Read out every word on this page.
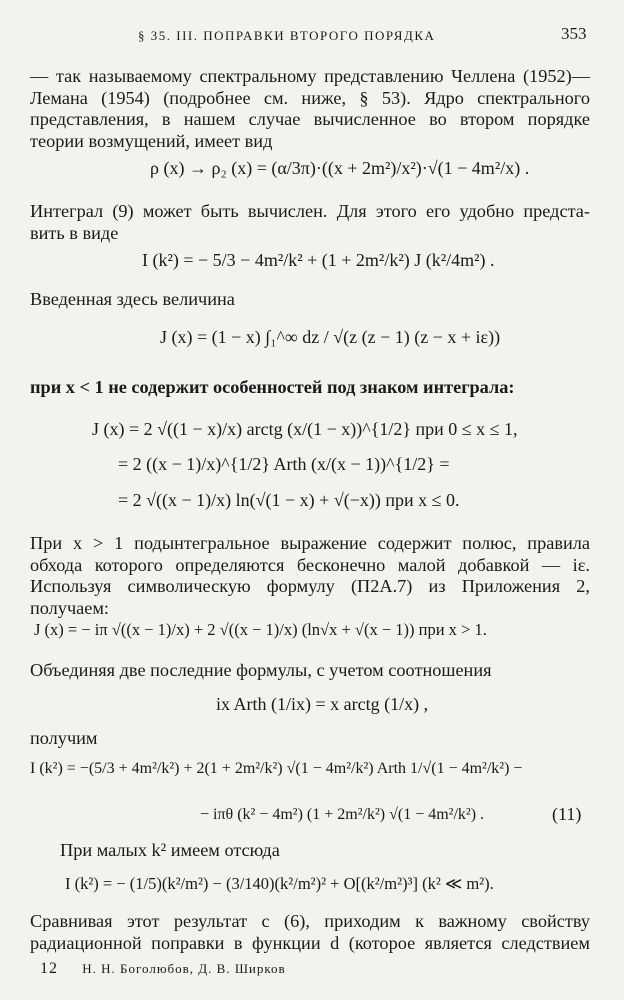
§ 35. III. ПОПРАВКИ ВТОРОГО ПОРЯДКА	353
— так называемому спектральному представлению Челлена (1952)—
Лемана (1954) (подробнее см. ниже, § 53). Ядро спектрального
представления, в нашем случае вычисленное во втором порядке
теории возмущений, имеет вид
ρ (x) → ρ₂ (x) = (α/3π)·((x + 2m²)/x²)·√(1 − 4m²/x) .
Интеграл (9) может быть вычислен. Для этого его удобно предста-
вить в виде
I (k²) = − 5/3 − 4m²/k² + (1 + 2m²/k²) J (k²/4m²) .
Введенная здесь величина
J (x) = (1 − x) ∫₁^∞ dz / √(z (z − 1) (z − x + iε))
при x < 1 не содержит особенностей под знаком интеграла:
J (x) = 2 √((1 − x)/x) arctg (x/(1 − x))^{1/2} при 0 ≤ x ≤ 1,
= 2 ((x − 1)/x)^{1/2} Arth (x/(x − 1))^{1/2} =
= 2 √((x − 1)/x) ln(√(1 − x) + √(−x)) при x ≤ 0.
При x > 1 подынтегральное выражение содержит полюс, правила
обхода которого определяются бесконечно малой добавкой — iε.
Используя символическую формулу (П2А.7) из Приложения 2,
получаем:
J (x) = − iπ √((x − 1)/x) + 2 √((x − 1)/x) (ln√x + √(x − 1)) при x > 1.
Объединяя две последние формулы, с учетом соотношения
ix Arth (1/ix) = x arctg (1/x) ,
получим
I (k²) = −(5/3 + 4m²/k²) + 2(1 + 2m²/k²) √(1 − 4m²/k²) Arth 1/√(1 − 4m²/k²) −
− iπθ (k² − 4m²) (1 + 2m²/k²) √(1 − 4m²/k²) .	(11)
При малых k² имеем отсюда
I (k²) = − (1/5)(k²/m²) − (3/140)(k²/m²)² + O[(k²/m²)³] (k² ≪ m²).
Сравнивая этот результат с (6), приходим к важному свойству
радиационной поправки в функции d (которое является следствием
12 Н. Н. Боголюбов, Д. В. Ширков
